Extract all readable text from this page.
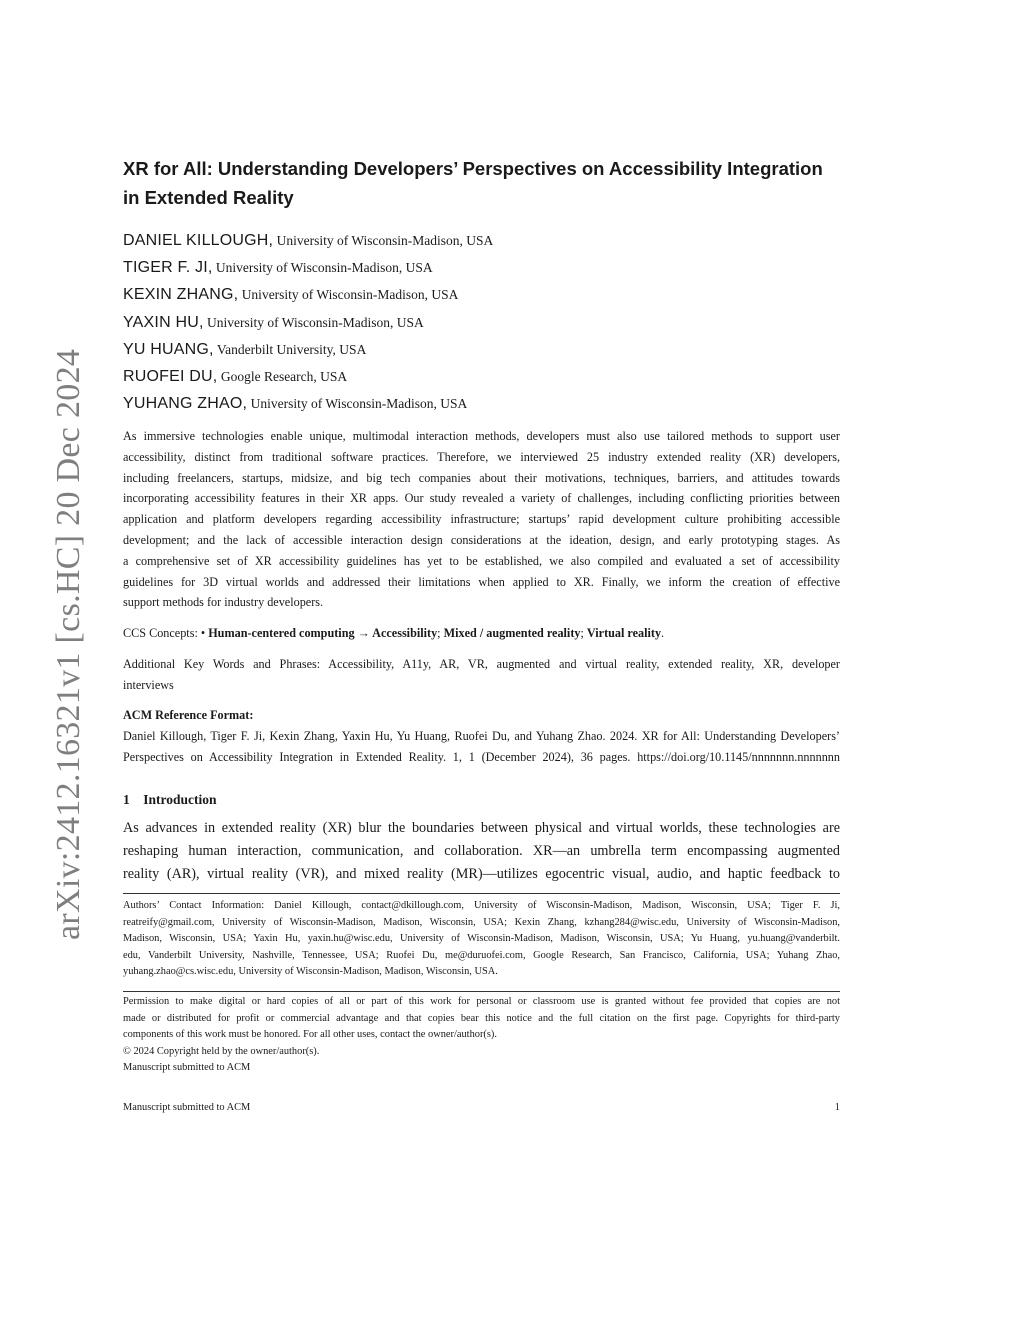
arXiv:2412.16321v1 [cs.HC] 20 Dec 2024
XR for All: Understanding Developers’ Perspectives on Accessibility Integration
in Extended Reality
DANIEL KILLOUGH, University of Wisconsin-Madison, USA
TIGER F. JI, University of Wisconsin-Madison, USA
KEXIN ZHANG, University of Wisconsin-Madison, USA
YAXIN HU, University of Wisconsin-Madison, USA
YU HUANG, Vanderbilt University, USA
RUOFEI DU, Google Research, USA
YUHANG ZHAO, University of Wisconsin-Madison, USA
As immersive technologies enable unique, multimodal interaction methods, developers must also use tailored methods to support user
accessibility, distinct from traditional software practices. Therefore, we interviewed 25 industry extended reality (XR) developers,
including freelancers, startups, midsize, and big tech companies about their motivations, techniques, barriers, and attitudes towards
incorporating accessibility features in their XR apps. Our study revealed a variety of challenges, including conflicting priorities between
application and platform developers regarding accessibility infrastructure; startups’ rapid development culture prohibiting accessible
development; and the lack of accessible interaction design considerations at the ideation, design, and early prototyping stages. As
a comprehensive set of XR accessibility guidelines has yet to be established, we also compiled and evaluated a set of accessibility
guidelines for 3D virtual worlds and addressed their limitations when applied to XR. Finally, we inform the creation of effective
support methods for industry developers.
CCS Concepts: • Human-centered computing → Accessibility; Mixed / augmented reality; Virtual reality.
Additional Key Words and Phrases: Accessibility, A11y, AR, VR, augmented and virtual reality, extended reality, XR, developer
interviews
ACM Reference Format:
Daniel Killough, Tiger F. Ji, Kexin Zhang, Yaxin Hu, Yu Huang, Ruofei Du, and Yuhang Zhao. 2024. XR for All: Understanding Developers’
Perspectives on Accessibility Integration in Extended Reality. 1, 1 (December 2024), 36 pages. https://doi.org/10.1145/nnnnnnn.nnnnnnn
1    Introduction
As advances in extended reality (XR) blur the boundaries between physical and virtual worlds, these technologies are
reshaping human interaction, communication, and collaboration. XR—an umbrella term encompassing augmented
reality (AR), virtual reality (VR), and mixed reality (MR)—utilizes egocentric visual, audio, and haptic feedback to
Authors’ Contact Information: Daniel Killough, contact@dkillough.com, University of Wisconsin-Madison, Madison, Wisconsin, USA; Tiger F. Ji,
reatreify@gmail.com, University of Wisconsin-Madison, Madison, Wisconsin, USA; Kexin Zhang, kzhang284@wisc.edu, University of Wisconsin-Madison,
Madison, Wisconsin, USA; Yaxin Hu, yaxin.hu@wisc.edu, University of Wisconsin-Madison, Madison, Wisconsin, USA; Yu Huang, yu.huang@vanderbilt.
edu, Vanderbilt University, Nashville, Tennessee, USA; Ruofei Du, me@duruofei.com, Google Research, San Francisco, California, USA; Yuhang Zhao,
yuhang.zhao@cs.wisc.edu, University of Wisconsin-Madison, Madison, Wisconsin, USA.
Permission to make digital or hard copies of all or part of this work for personal or classroom use is granted without fee provided that copies are not
made or distributed for profit or commercial advantage and that copies bear this notice and the full citation on the first page. Copyrights for third-party
components of this work must be honored. For all other uses, contact the owner/author(s).
© 2024 Copyright held by the owner/author(s).
Manuscript submitted to ACM
Manuscript submitted to ACM	1
